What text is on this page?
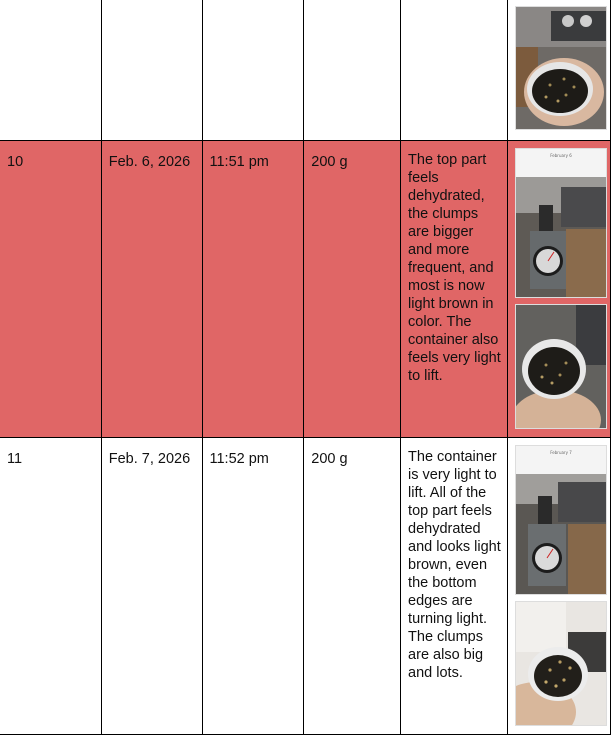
10	Feb. 6, 2026	11:51 pm	200 g	The top part feels dehydrated, the clumps are bigger and more frequent, and most is now light brown in color. The container also feels very light to lift.	February 6

11	Feb. 7, 2026	11:52 pm	200 g	The container is very light to lift. All of the top part feels dehydrated and looks light brown, even the bottom edges are turning light. The clumps are also big and lots.	February 7
